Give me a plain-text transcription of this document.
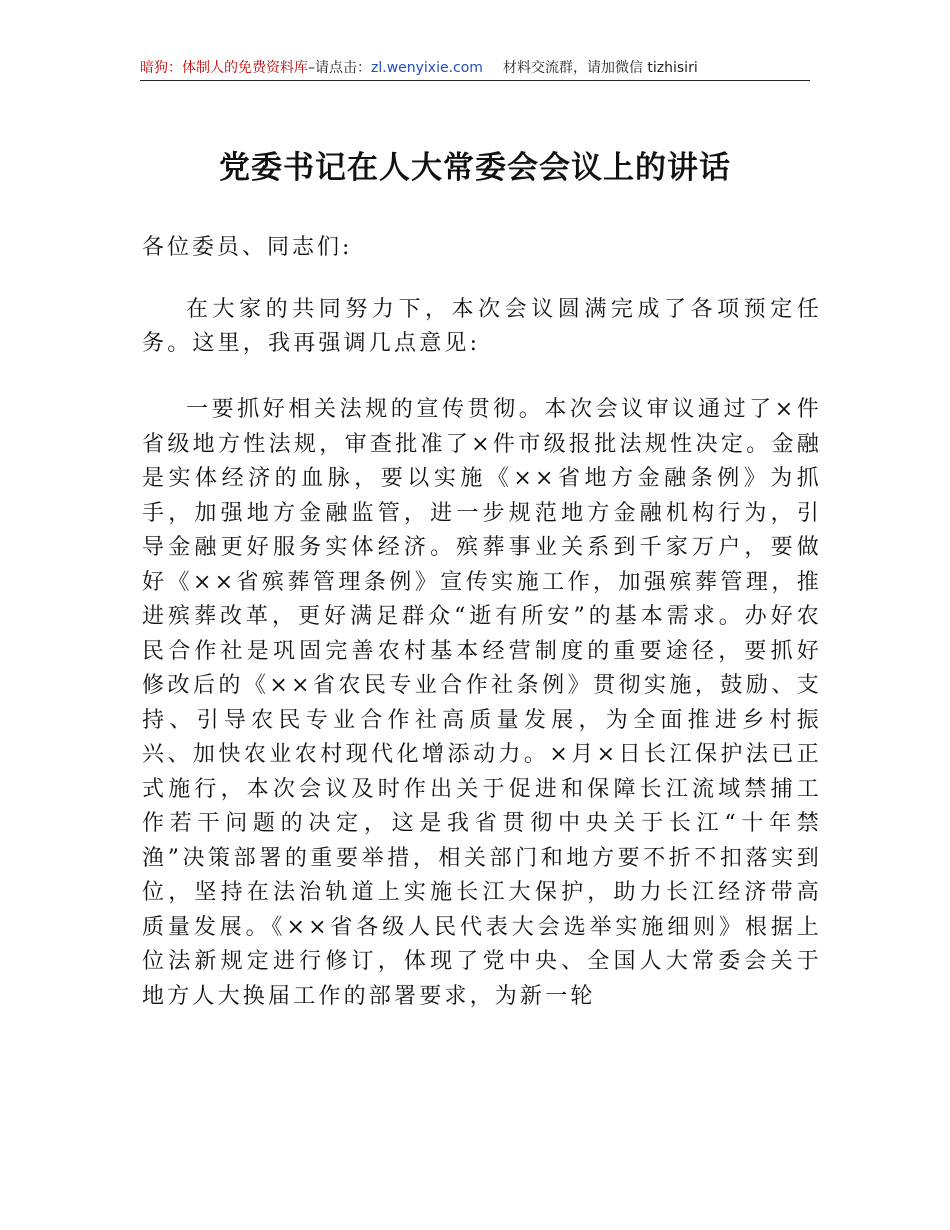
暗狗：体制人的免费资料库–请点击：zl.wenyixie.com 材料交流群，请加微信 tizhisiri
党委书记在人大常委会会议上的讲话
各位委员、同志们:
在大家的共同努力下，本次会议圆满完成了各项预定任务。这里，我再强调几点意见:
一要抓好相关法规的宣传贯彻。本次会议审议通过了×件省级地方性法规，审查批准了×件市级报批法规性决定。金融是实体经济的血脉，要以实施《××省地方金融条例》为抓手，加强地方金融监管，进一步规范地方金融机构行为，引导金融更好服务实体经济。殡葬事业关系到千家万户，要做好《××省殡葬管理条例》宣传实施工作，加强殡葬管理，推进殡葬改革，更好满足群众“逝有所安”的基本需求。办好农民合作社是巩固完善农村基本经营制度的重要途径，要抓好修改后的《××省农民专业合作社条例》贯彻实施，鼓励、支持、引导农民专业合作社高质量发展，为全面推进乡村振兴、加快农业农村现代化增添动力。×月×日长江保护法已正式施行，本次会议及时作出关于促进和保障长江流域禁捕工作若干问题的决定，这是我省贯彻中央关于长江“十年禁渔”决策部署的重要举措，相关部门和地方要不折不扣落实到位，坚持在法治轨道上实施长江大保护，助力长江经济带高质量发展。《××省各级人民代表大会选举实施细则》根据上位法新规定进行修订，体现了党中央、全国人大常委会关于地方人大换届工作的部署要求，为新一轮
